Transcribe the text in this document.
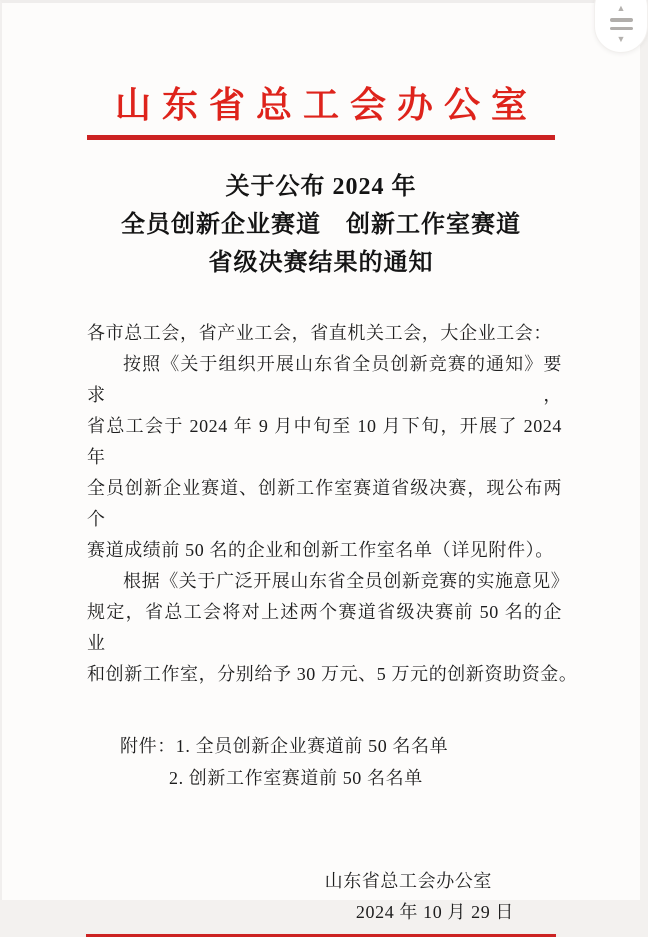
山东省总工会办公室
关于公布 2024 年
全员创新企业赛道　创新工作室赛道
省级决赛结果的通知
各市总工会，省产业工会，省直机关工会，大企业工会：
按照《关于组织开展山东省全员创新竞赛的通知》要求，
省总工会于 2024 年 9 月中旬至 10 月下旬，开展了 2024 年
全员创新企业赛道、创新工作室赛道省级决赛，现公布两个
赛道成绩前 50 名的企业和创新工作室名单（详见附件）。
根据《关于广泛开展山东省全员创新竞赛的实施意见》
规定，省总工会将对上述两个赛道省级决赛前 50 名的企业
和创新工作室，分别给予 30 万元、5 万元的创新资助资金。
附件：1. 全员创新企业赛道前 50 名名单
2. 创新工作室赛道前 50 名名单
山东省总工会办公室
2024 年 10 月 29 日
▲
▼
